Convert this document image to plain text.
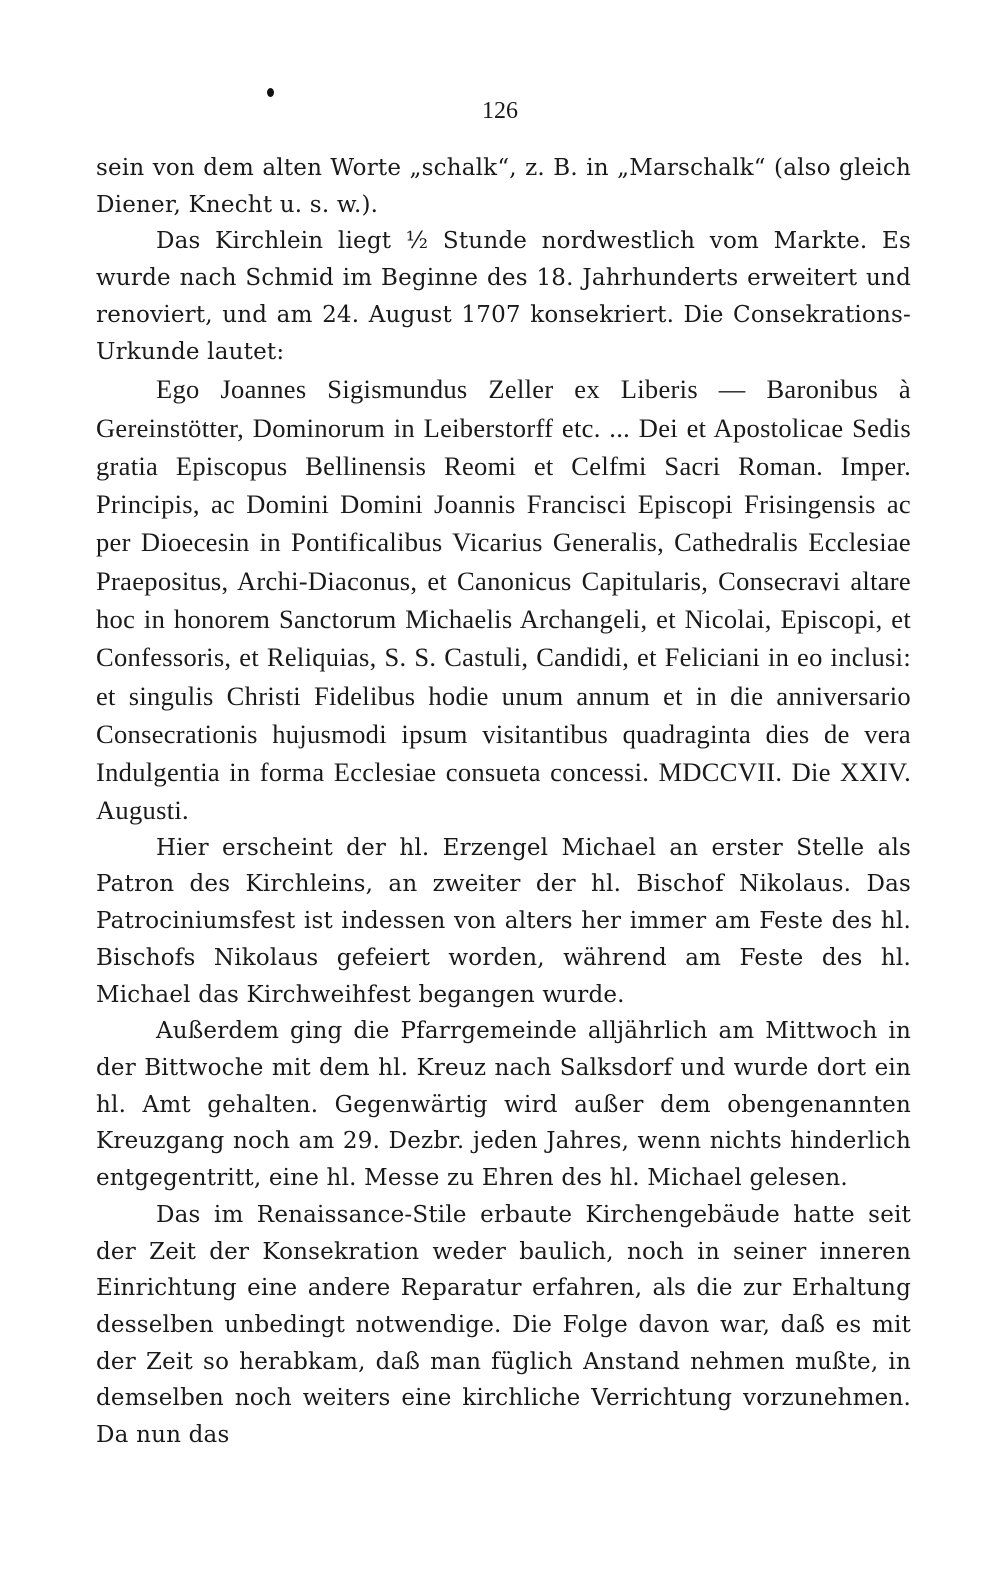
126

sein von dem alten Worte „schalk“, z. B. in „Marschalk“ (also gleich Diener, Knecht u. s. w.).

Das Kirchlein liegt ½ Stunde nordwestlich vom Markte. Es wurde nach Schmid im Beginne des 18. Jahrhunderts erweitert und renoviert, und am 24. August 1707 konsekriert. Die Consekrations-Urkunde lautet:

Ego Joannes Sigismundus Zeller ex Liberis — Baronibus à Gereinstötter, Dominorum in Leiberstorff etc. ... Dei et Apostolicae Sedis gratia Episcopus Bellinensis Reomi et Celfmi Sacri Roman. Imper. Principis, ac Domini Domini Joannis Francisci Episcopi Frisingensis ac per Dioecesin in Pontificalibus Vicarius Generalis, Cathedralis Ecclesiae Praepositus, Archi-Diaconus, et Canonicus Capitularis, Consecravi altare hoc in honorem Sanctorum Michaelis Archangeli, et Nicolai, Episcopi, et Confessoris, et Reliquias, S. S. Castuli, Candidi, et Feliciani in eo inclusi: et singulis Christi Fidelibus hodie unum annum et in die anniversario Consecrationis hujusmodi ipsum visitantibus quadraginta dies de vera Indulgentia in forma Ecclesiae consueta concessi. MDCCVII. Die XXIV. Augusti.

Hier erscheint der hl. Erzengel Michael an erster Stelle als Patron des Kirchleins, an zweiter der hl. Bischof Nikolaus. Das Patrociniumsfest ist indessen von alters her immer am Feste des hl. Bischofs Nikolaus gefeiert worden, während am Feste des hl. Michael das Kirchweihfest begangen wurde.

Außerdem ging die Pfarrgemeinde alljährlich am Mittwoch in der Bittwoche mit dem hl. Kreuz nach Salksdorf und wurde dort ein hl. Amt gehalten. Gegenwärtig wird außer dem obengenannten Kreuzgang noch am 29. Dezbr. jeden Jahres, wenn nichts hinderlich entgegentritt, eine hl. Messe zu Ehren des hl. Michael gelesen.

Das im Renaissance-Stile erbaute Kirchengebäude hatte seit der Zeit der Konsekration weder baulich, noch in seiner inneren Einrichtung eine andere Reparatur erfahren, als die zur Erhaltung desselben unbedingt notwendige. Die Folge davon war, daß es mit der Zeit so herabkam, daß man füglich Anstand nehmen mußte, in demselben noch weiters eine kirchliche Verrichtung vorzunehmen. Da nun das
